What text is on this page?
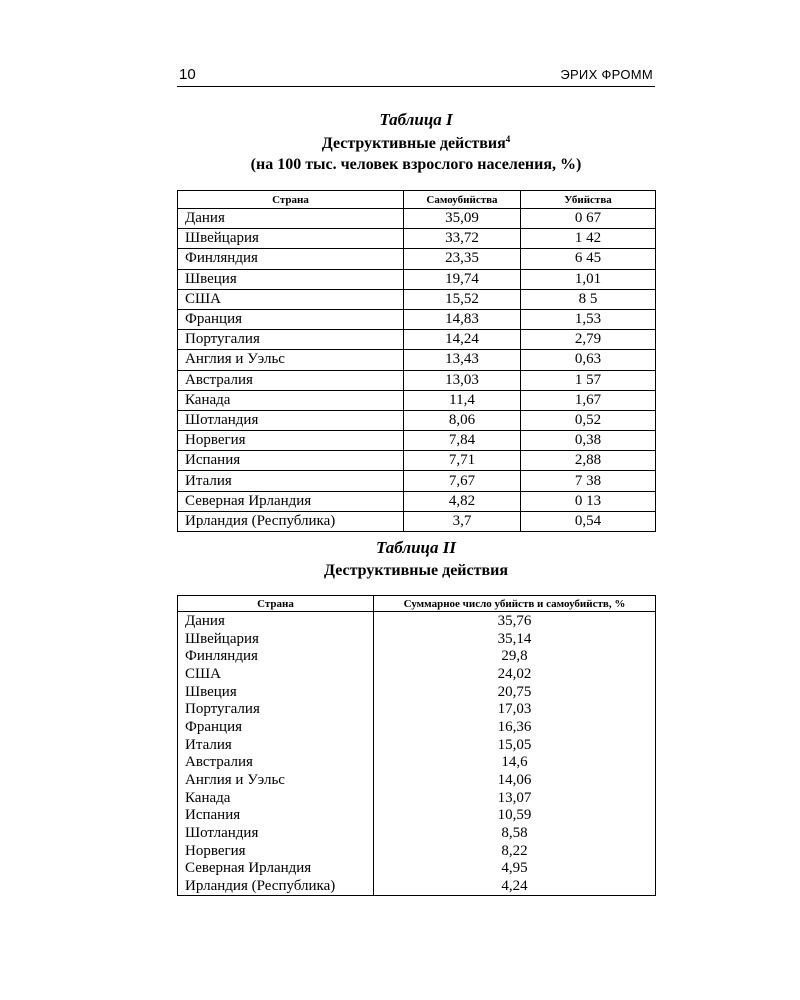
10	ЭРИХ ФРОММ
Таблица I
Деструктивные действия$^4$
(на 100 тыс. человек взрослого населения, %)
Страна	Самоубийства	Убийства
Дания	35,09	0 67
Швейцария	33,72	1 42
Финляндия	23,35	6 45
Швеция	19,74	1,01
США	15,52	8 5
Франция	14,83	1,53
Португалия	14,24	2,79
Англия и Уэльс	13,43	0,63
Австралия	13,03	1 57
Канада	11,4	1,67
Шотландия	8,06	0,52
Норвегия	7,84	0,38
Испания	7,71	2,88
Италия	7,67	7 38
Северная Ирландия	4,82	0 13
Ирландия (Республика)	3,7	0,54
Таблица II
Деструктивные действия
Страна	Суммарное число убийств и самоубийств, %
Дания	35,76
Швейцария	35,14
Финляндия	29,8
США	24,02
Швеция	20,75
Португалия	17,03
Франция	16,36
Италия	15,05
Австралия	14,6
Англия и Уэльс	14,06
Канада	13,07
Испания	10,59
Шотландия	8,58
Норвегия	8,22
Северная Ирландия	4,95
Ирландия (Республика)	4,24
